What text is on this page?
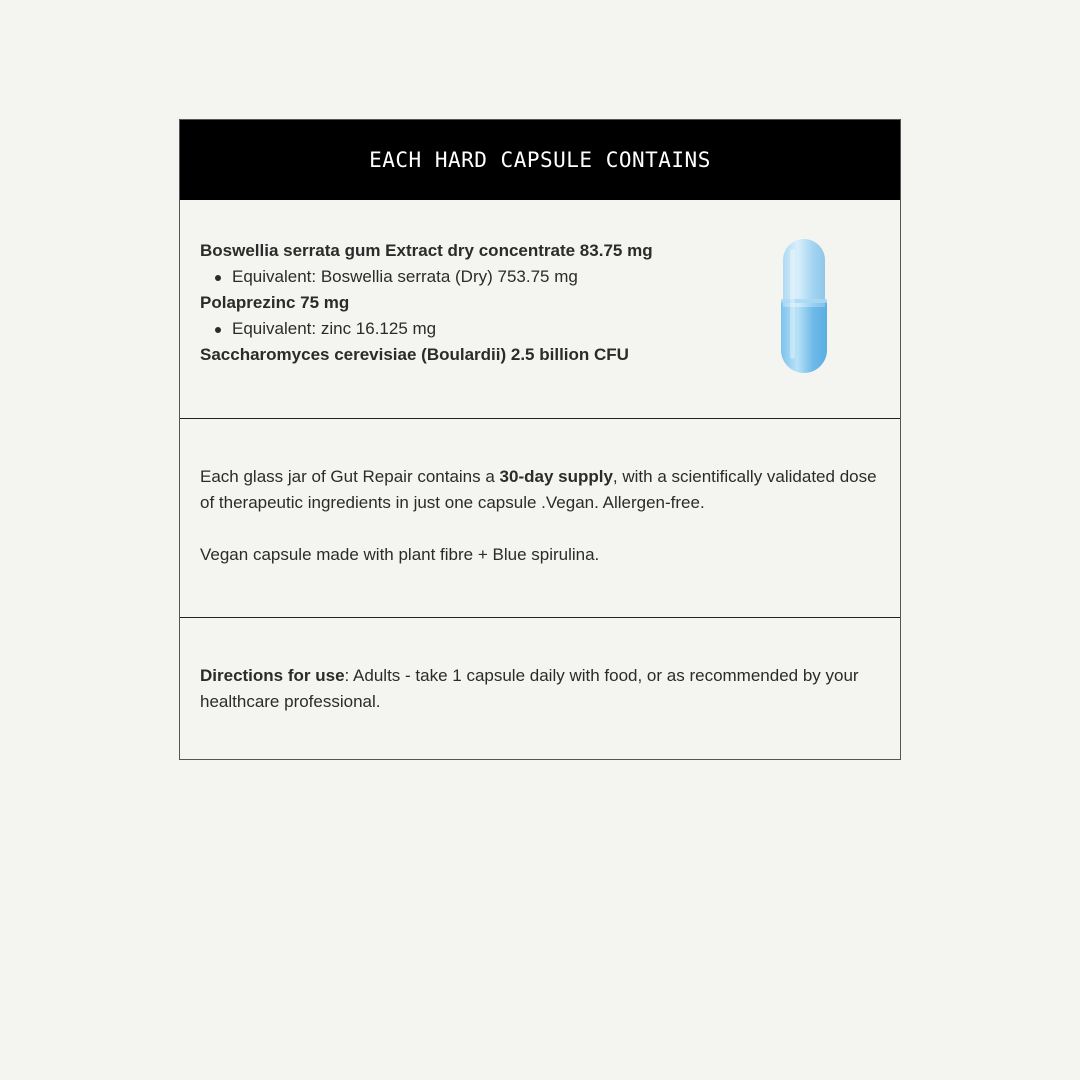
EACH HARD CAPSULE CONTAINS

Boswellia serrata gum Extract dry concentrate 83.75 mg

Equivalent: Boswellia serrata (Dry) 753.75 mg

Polaprezinc 75 mg

Equivalent: zinc 16.125 mg

Saccharomyces cerevisiae (Boulardii) 2.5 billion CFU

Each glass jar of Gut Repair contains a 30-day supply, with a scientifically validated dose of therapeutic ingredients in just one capsule .Vegan. Allergen-free.

Vegan capsule made with plant fibre + Blue spirulina.

Directions for use: Adults - take 1 capsule daily with food, or as recommended by your healthcare professional.
